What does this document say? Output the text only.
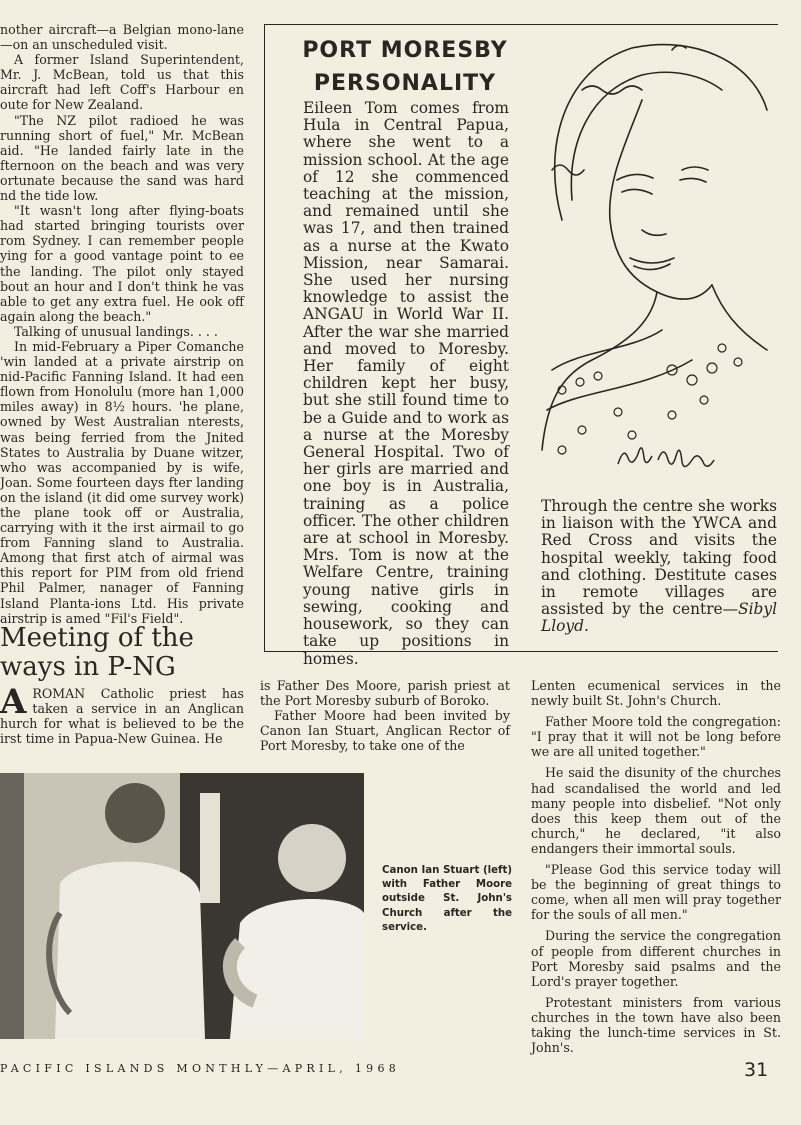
nother aircraft—a Belgian mono-lane—on an unscheduled visit.

A former Island Superintendent, Mr. J. McBean, told us that this aircraft had left Coff's Harbour en oute for New Zealand.

"The NZ pilot radioed he was running short of fuel," Mr. McBean aid. "He landed fairly late in the fternoon on the beach and was very ortunate because the sand was hard nd the tide low.

"It wasn't long after flying-boats had started bringing tourists over rom Sydney. I can remember people ying for a good vantage point to ee the landing. The pilot only stayed bout an hour and I don't think he vas able to get any extra fuel. He ook off again along the beach."

Talking of unusual landings. . . .

In mid-February a Piper Comanche 'win landed at a private airstrip on nid-Pacific Fanning Island. It had een flown from Honolulu (more han 1,000 miles away) in 8½ hours. 'he plane, owned by West Australian nterests, was being ferried from the Jnited States to Australia by Duane witzer, who was accompanied by is wife, Joan. Some fourteen days fter landing on the island (it did ome survey work) the plane took off or Australia, carrying with it the irst airmail to go from Fanning sland to Australia. Among that first atch of airmal was this report for PIM from old friend Phil Palmer, nanager of Fanning Island Planta-ions Ltd. His private airstrip is amed "Fil's Field".

Meeting of the ways in P-NG
AROMAN Catholic priest has taken a service in an Anglican hurch for what is believed to be the irst time in Papua-New Guinea. He
PORT MORESBY PERSONALITY
Eileen Tom comes from Hula in Central Papua, where she went to a mission school. At the age of 12 she commenced teaching at the mission, and remained until she was 17, and then trained as a nurse at the Kwato Mission, near Samarai. She used her nursing knowledge to assist the ANGAU in World War II. After the war she married and moved to Moresby. Her family of eight children kept her busy, but she still found time to be a Guide and to work as a nurse at the Moresby General Hospital. Two of her girls are married and one boy is in Australia, training as a police officer. The other children are at school in Moresby. Mrs. Tom is now at the Welfare Centre, training young native girls in sewing, cooking and housework, so they can take up positions in homes.
Through the centre she works in liaison with the YWCA and Red Cross and visits the hospital weekly, taking food and clothing. Destitute cases in remote villages are assisted by the centre—Sibyl Lloyd.

is Father Des Moore, parish priest at the Port Moresby suburb of Boroko.

Father Moore had been invited by Canon Ian Stuart, Anglican Rector of Port Moresby, to take one of the

Lenten ecumenical services in the newly built St. John's Church.

Father Moore told the congregation: "I pray that it will not be long before we are all united together."

He said the disunity of the churches had scandalised the world and led many people into disbelief. "Not only does this keep them out of the church," he declared, "it also endangers their immortal souls.

"Please God this service today will be the beginning of great things to come, when all men will pray together for the souls of all men."

During the service the congregation of people from different churches in Port Moresby said psalms and the Lord's prayer together.

Protestant ministers from various churches in the town have also been taking the lunch-time services in St. John's.

Canon Ian Stuart (left) with Father Moore outside St. John's Church after the service.
PACIFIC ISLANDS MONTHLY—APRIL, 1968	31
